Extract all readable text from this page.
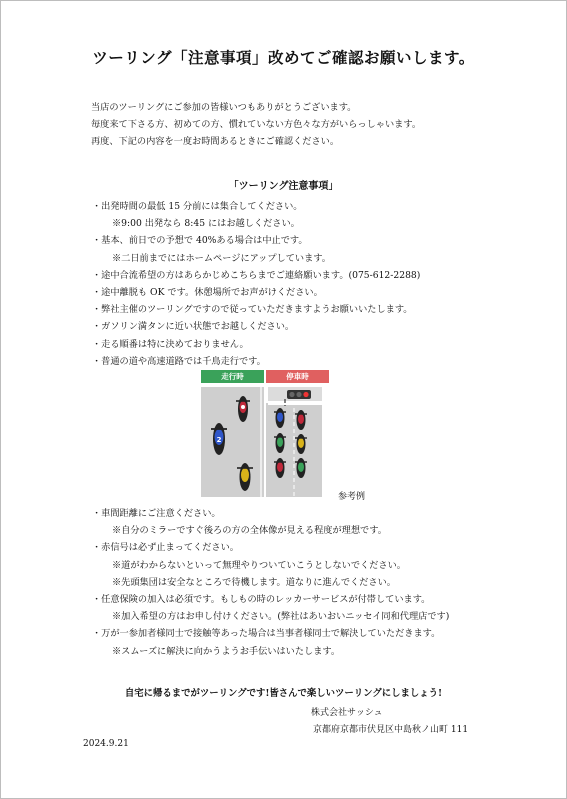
ツーリング「注意事項」改めてご確認お願いします。
当店のツーリングにご参加の皆様いつもありがとうございます。
毎度来て下さる方、初めての方、慣れていない方色々な方がいらっしゃいます。
再度、下記の内容を一度お時間あるときにご確認ください。
「ツーリング注意事項」
・出発時間の最低 15 分前には集合してください。
※9:00 出発なら 8:45 にはお越しください。
・基本、前日での予想で 40%ある場合は中止です。
※二日前までにはホームページにアップしています。
・途中合流希望の方はあらかじめこちらまでご連絡願います。(075-612-2288)
・途中離脱も OK です。休憩場所でお声がけください。
・弊社主催のツーリングですので従っていただきますようお願いいたします。
・ガソリン満タンに近い状態でお越しください。
・走る順番は特に決めておりません。
・普通の道や高速道路では千鳥走行です。
走行時	停車時
2
参考例
・車間距離にご注意ください。
※自分のミラーですぐ後ろの方の全体像が見える程度が理想です。
・赤信号は必ず止まってください。
※道がわからないといって無理やりついていこうとしないでください。
※先頭集団は安全なところで待機します。道なりに進んでください。
・任意保険の加入は必須です。もしもの時のレッカーサービスが付帯しています。
※加入希望の方はお申し付けください。(弊社はあいおいニッセイ同和代理店です)
・万が一参加者様同士で接触等あった場合は当事者様同士で解決していただきます。
※スムーズに解決に向かうようお手伝いはいたします。
自宅に帰るまでがツーリングです!皆さんで楽しいツーリングにしましょう!
株式会社サッシュ
京都府京都市伏見区中島秋ノ山町 111
2024.9.21
